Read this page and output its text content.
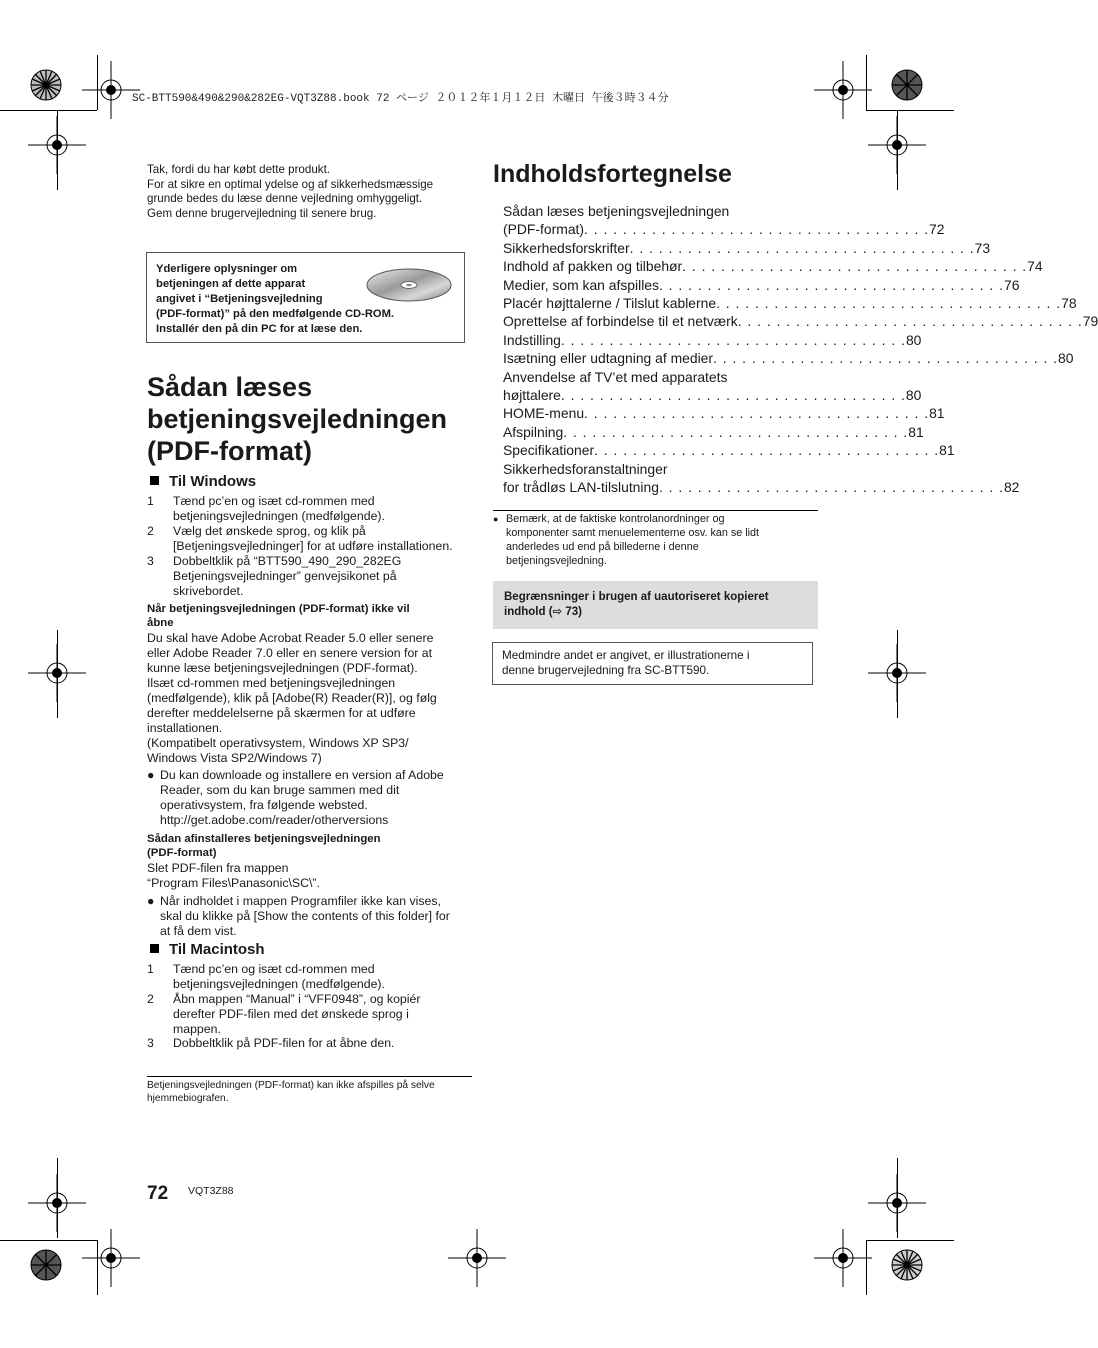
SC-BTT590&490&290&282EG-VQT3Z88.book 72 ページ ２０１２年１月１２日 木曜日 午後３時３４分

Tak, fordi du har købt dette produkt.

For at sikre en optimal ydelse og af sikkerhedsmæssige

grunde bedes du læse denne vejledning omhyggeligt.

Gem denne brugervejledning til senere brug.

Yderligere oplysninger om
betjeningen af dette apparat
angivet i “Betjeningsvejledning
(PDF-format)” på den medfølgende CD-ROM.
Installér den på din PC for at læse den.
Sådan læses
betjeningsvejledningen
(PDF-format)
Til Windows
1 Tænd pc’en og isæt cd-rommen med
betjeningsvejledningen (medfølgende).
2 Vælg det ønskede sprog, og klik på
[Betjeningsvejledninger] for at udføre installationen.
3 Dobbeltklik på “BTT590_490_290_282EG
Betjeningsvejledninger” genvejsikonet på
skrivebordet.
Når betjeningsvejledningen (PDF-format) ikke vil
åbne

Du skal have Adobe Acrobat Reader 5.0 eller senere

eller Adobe Reader 7.0 eller en senere version for at

kunne læse betjeningsvejledningen (PDF-format).

Ilsæt cd-rommen med betjeningsvejledningen

(medfølgende), klik på [Adobe(R) Reader(R)], og følg

derefter meddelelserne på skærmen for at udføre

installationen.

(Kompatibelt operativsystem, Windows XP SP3/

Windows Vista SP2/Windows 7)

● Du kan downloade og installere en version af Adobe
Reader, som du kan bruge sammen med dit
operativsystem, fra følgende websted.
http://get.adobe.com/reader/otherversions
Sådan afinstalleres betjeningsvejledningen
(PDF-format)

Slet PDF-filen fra mappen

“Program Files\Panasonic\SC\”.

● Når indholdet i mappen Programfiler ikke kan vises,
skal du klikke på [Show the contents of this folder] for
at få dem vist.
Til Macintosh
1 Tænd pc’en og isæt cd-rommen med
betjeningsvejledningen (medfølgende).
2 Åbn mappen “Manual” i “VFF0948”, og kopiér
derefter PDF-filen med det ønskede sprog i
mappen.
3 Dobbeltklik på PDF-filen for at åbne den.
Betjeningsvejledningen (PDF-format) kan ikke afspilles på selve
hjemmebiografen.
Indholdsfortegnelse
Sådan læses betjeningsvejledningen
(PDF-format) . . . . . . . . . . . . . . . . . . . . . . . . . . . . . . . . . . . . 72
Sikkerhedsforskrifter . . . . . . . . . . . . . . . . . . . . . . . . . . . . . . . . . . . . 73
Indhold af pakken og tilbehør . . . . . . . . . . . . . . . . . . . . . . . . . . . . . . . . . . . . 74
Medier, som kan afspilles . . . . . . . . . . . . . . . . . . . . . . . . . . . . . . . . . . . . 76
Placér højttalerne / Tilslut kablerne . . . . . . . . . . . . . . . . . . . . . . . . . . . . . . . . . . . . 78
Oprettelse af forbindelse til et netværk . . . . . . . . . . . . . . . . . . . . . . . . . . . . . . . . . . . . 79
Indstilling . . . . . . . . . . . . . . . . . . . . . . . . . . . . . . . . . . . . 80
Isætning eller udtagning af medier . . . . . . . . . . . . . . . . . . . . . . . . . . . . . . . . . . . . 80
Anvendelse af TV’et med apparatets
højttalere . . . . . . . . . . . . . . . . . . . . . . . . . . . . . . . . . . . . 80
HOME-menu . . . . . . . . . . . . . . . . . . . . . . . . . . . . . . . . . . . . 81
Afspilning . . . . . . . . . . . . . . . . . . . . . . . . . . . . . . . . . . . . 81
Specifikationer . . . . . . . . . . . . . . . . . . . . . . . . . . . . . . . . . . . . 81
Sikkerhedsforanstaltninger
for trådløs LAN-tilslutning . . . . . . . . . . . . . . . . . . . . . . . . . . . . . . . . . . . . 82
● Bemærk, at de faktiske kontrolanordninger og
komponenter samt menuelementerne osv. kan se lidt
anderledes ud end på billederne i denne
betjeningsvejledning.
Begrænsninger i brugen af uautoriseret kopieret
indhold (⇨ 73)
Medmindre andet er angivet, er illustrationerne i
denne brugervejledning fra SC-BTT590.
72 VQT3Z88
